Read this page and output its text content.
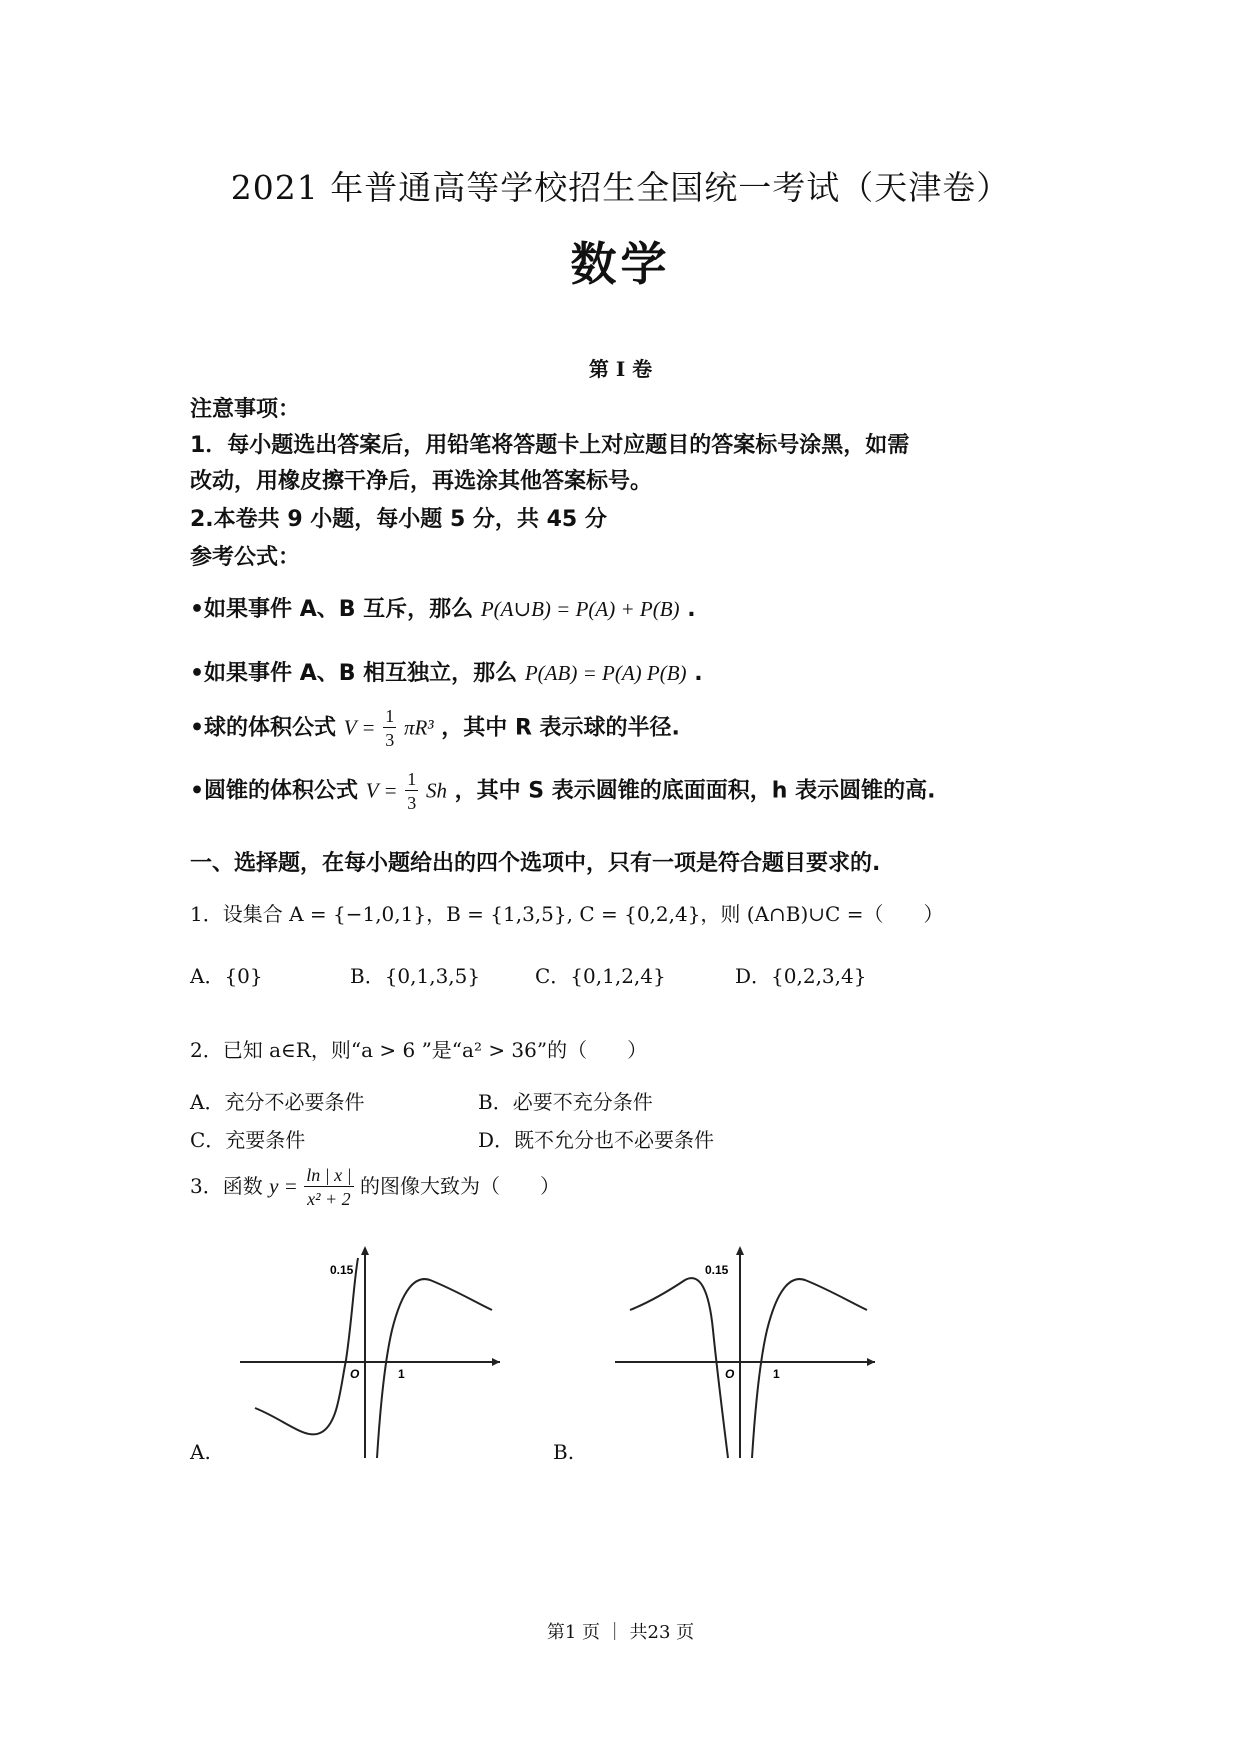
2021 年普通高等学校招生全国统一考试（天津卷）
数学
第 I 卷
注意事项：
1．每小题选出答案后，用铅笔将答题卡上对应题目的答案标号涂黑，如需
改动，用橡皮擦干净后，再选涂其他答案标号。
2.本卷共 9 小题，每小题 5 分，共 45 分
参考公式：
•如果事件 A、B 互斥，那么 P(A∪B) = P(A) + P(B) .
•如果事件 A、B 相互独立，那么 P(AB) = P(A) P(B) .
•球的体积公式 $V = \frac{1}{3} \pi R^3$ ，其中 R 表示球的半径.
•圆锥的体积公式 $V = \frac{1}{3}$ Sh ，其中 S 表示圆锥的底面面积，h 表示圆锥的高.
一、选择题，在每小题给出的四个选项中，只有一项是符合题目要求的.
1．设集合 A = {−1,0,1}，B = {1,3,5}, C = {0,2,4}，则 (A∩B)∪C =（　　）
A．{0}	B．{0,1,3,5}	C．{0,1,2,4}	D．{0,2,3,4}
2．已知 a∈R，则“a > 6 ”是“a² > 36”的（　　）
A．充分不必要条件	B．必要不充分条件
C．充要条件	D．既不允分也不必要条件
3．函数 $y = \frac{\ln | x |}{\text{x² + 2}}$ 的图像大致为（　　）
0.15
O	1
A.
0.15
O	1
B.
第1 页 ｜ 共23 页
